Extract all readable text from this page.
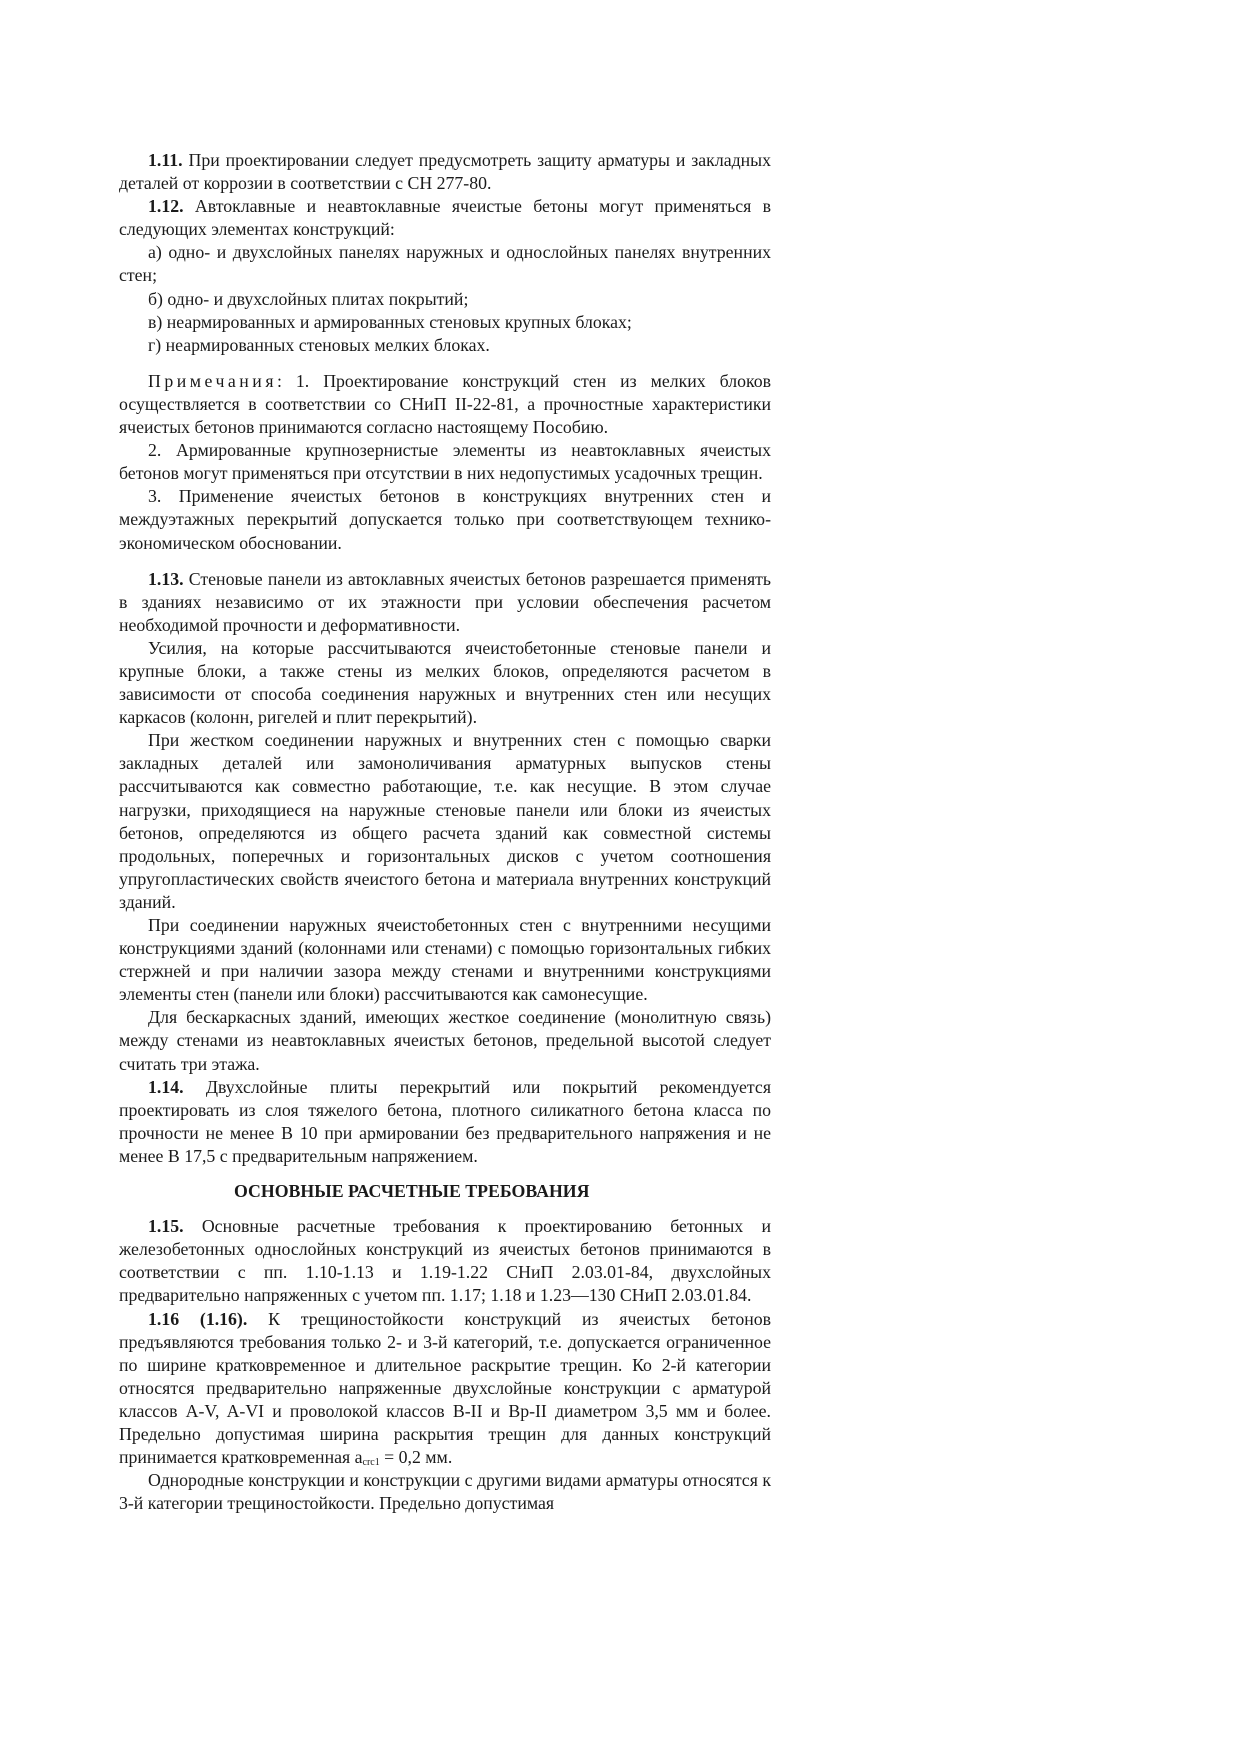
1.11. При проектировании следует предусмотреть защиту арматуры и закладных деталей от коррозии в соответствии с СН 277-80.

1.12. Автоклавные и неавтоклавные ячеистые бетоны могут применяться в следующих элементах конструкций:

а) одно- и двухслойных панелях наружных и однослойных панелях внутренних стен;

б) одно- и двухслойных плитах покрытий;

в) неармированных и армированных стеновых крупных блоках;

г) неармированных стеновых мелких блоках.

Примечания: 1. Проектирование конструкций стен из мелких блоков осуществляется в соответствии со СНиП II-22-81, а прочностные характеристики ячеистых бетонов принимаются согласно настоящему Пособию.

2. Армированные крупнозернистые элементы из неавтоклавных ячеистых бетонов могут применяться при отсутствии в них недопустимых усадочных трещин.

3. Применение ячеистых бетонов в конструкциях внутренних стен и междуэтажных перекрытий допускается только при соответствующем технико-экономическом обосновании.

1.13. Стеновые панели из автоклавных ячеистых бетонов разрешается применять в зданиях независимо от их этажности при условии обеспечения расчетом необходимой прочности и деформативности.

Усилия, на которые рассчитываются ячеистобетонные стеновые панели и крупные блоки, а также стены из мелких блоков, определяются расчетом в зависимости от способа соединения наружных и внутренних стен или несущих каркасов (колонн, ригелей и плит перекрытий).

При жестком соединении наружных и внутренних стен с помощью сварки закладных деталей или замоноличивания арматурных выпусков стены рассчитываются как совместно работающие, т.е. как несущие. В этом случае нагрузки, приходящиеся на наружные стеновые панели или блоки из ячеистых бетонов, определяются из общего расчета зданий как совместной системы продольных, поперечных и горизонтальных дисков с учетом соотношения упругопластических свойств ячеистого бетона и материала внутренних конструкций зданий.

При соединении наружных ячеистобетонных стен с внутренними несущими конструкциями зданий (колоннами или стенами) с помощью горизонтальных гибких стержней и при наличии зазора между стенами и внутренними конструкциями элементы стен (панели или блоки) рассчитываются как самонесущие.

Для бескаркасных зданий, имеющих жесткое соединение (монолитную связь) между стенами из неавтоклавных ячеистых бетонов, предельной высотой следует считать три этажа.

1.14. Двухслойные плиты перекрытий или покрытий рекомендуется проектировать из слоя тяжелого бетона, плотного силикатного бетона класса по прочности не менее В 10 при армировании без предварительного напряжения и не менее В 17,5 с предварительным напряжением.

ОСНОВНЫЕ РАСЧЕТНЫЕ ТРЕБОВАНИЯ

1.15. Основные расчетные требования к проектированию бетонных и железобетонных однослойных конструкций из ячеистых бетонов принимаются в соответствии с пп. 1.10-1.13 и 1.19-1.22 СНиП 2.03.01-84, двухслойных предварительно напряженных с учетом пп. 1.17; 1.18 и 1.23—130 СНиП 2.03.01.84.

1.16 (1.16). К трещиностойкости конструкций из ячеистых бетонов предъявляются требования только 2- и 3-й категорий, т.е. допускается ограниченное по ширине кратковременное и длительное раскрытие трещин. Ко 2-й категории относятся предварительно напряженные двухслойные конструкции с арматурой классов A-V, A-VI и проволокой классов В-II и Вр-II диаметром 3,5 мм и более. Предельно допустимая ширина раскрытия трещин для данных конструкций принимается кратковременная $a_{crc1} = 0,2$ мм.

Однородные конструкции и конструкции с другими видами арматуры относятся к 3-й категории трещиностойкости. Предельно допустимая
